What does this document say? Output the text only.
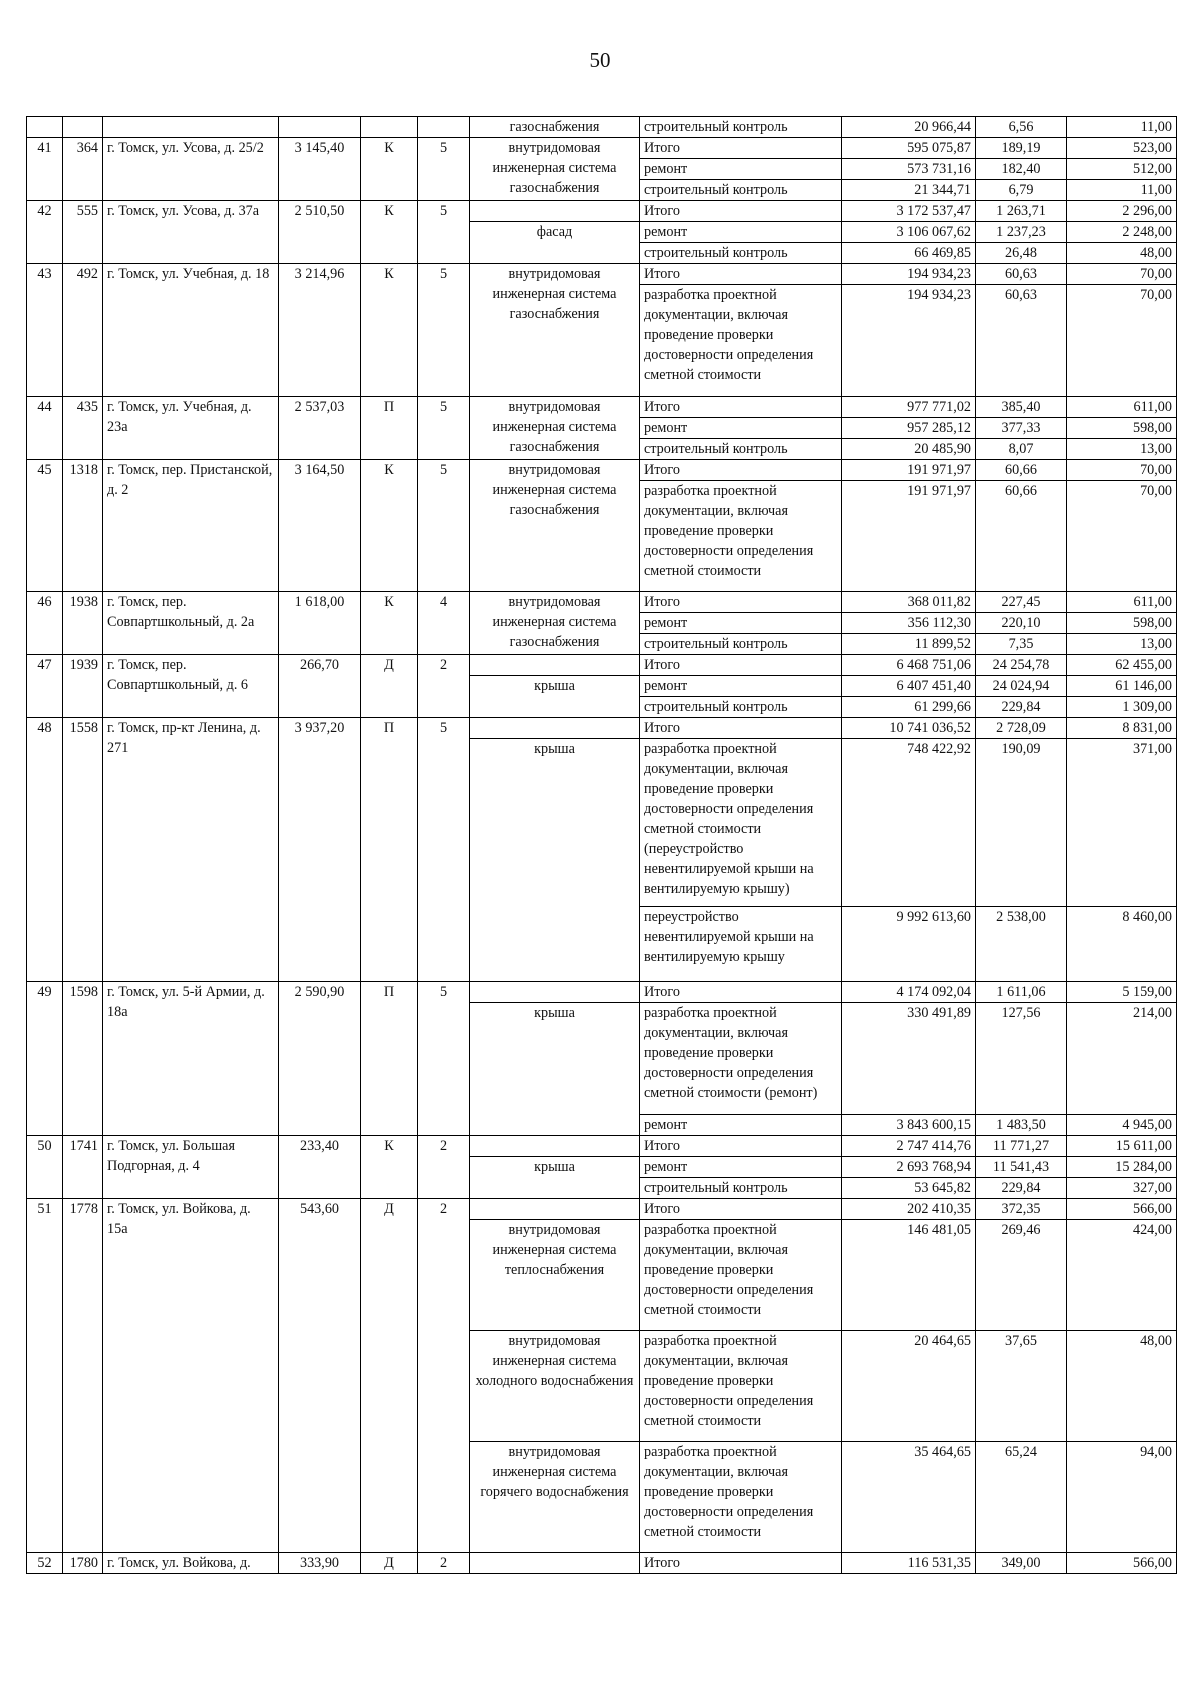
50
						газоснабжения	строительный контроль	20 966,44	6,56	11,00
41	364	г. Томск, ул. Усова, д. 25/2	3 145,40	К	5	внутридомовая инженерная система газоснабжения	Итого	595 075,87	189,19	523,00
							ремонт	573 731,16	182,40	512,00
							строительный контроль	21 344,71	6,79	11,00
42	555	г. Томск, ул. Усова, д. 37а	2 510,50	К	5		Итого	3 172 537,47	1 263,71	2 296,00
						фасад	ремонт	3 106 067,62	1 237,23	2 248,00
							строительный контроль	66 469,85	26,48	48,00
43	492	г. Томск, ул. Учебная, д. 18	3 214,96	К	5	внутридомовая инженерная система газоснабжения	Итого	194 934,23	60,63	70,00
							разработка проектной документации, включая проведение проверки достоверности определения сметной стоимости	194 934,23	60,63	70,00
44	435	г. Томск, ул. Учебная, д. 23а	2 537,03	П	5	внутридомовая инженерная система газоснабжения	Итого	977 771,02	385,40	611,00
							ремонт	957 285,12	377,33	598,00
							строительный контроль	20 485,90	8,07	13,00
45	1318	г. Томск, пер. Пристанской, д. 2	3 164,50	К	5	внутридомовая инженерная система газоснабжения	Итого	191 971,97	60,66	70,00
							разработка проектной документации, включая проведение проверки достоверности определения сметной стоимости	191 971,97	60,66	70,00
46	1938	г. Томск, пер. Совпартшкольный, д. 2а	1 618,00	К	4	внутридомовая инженерная система газоснабжения	Итого	368 011,82	227,45	611,00
							ремонт	356 112,30	220,10	598,00
							строительный контроль	11 899,52	7,35	13,00
47	1939	г. Томск, пер. Совпартшкольный, д. 6	266,70	Д	2		Итого	6 468 751,06	24 254,78	62 455,00
						крыша	ремонт	6 407 451,40	24 024,94	61 146,00
							строительный контроль	61 299,66	229,84	1 309,00
48	1558	г. Томск, пр-кт Ленина, д. 271	3 937,20	П	5		Итого	10 741 036,52	2 728,09	8 831,00
						крыша	разработка проектной документации, включая проведение проверки достоверности определения сметной стоимости (переустройство невентилируемой крыши на вентилируемую крышу)	748 422,92	190,09	371,00
							переустройство невентилируемой крыши на вентилируемую крышу	9 992 613,60	2 538,00	8 460,00
49	1598	г. Томск, ул. 5-й Армии, д. 18а	2 590,90	П	5		Итого	4 174 092,04	1 611,06	5 159,00
						крыша	разработка проектной документации, включая проведение проверки достоверности определения сметной стоимости (ремонт)	330 491,89	127,56	214,00
							ремонт	3 843 600,15	1 483,50	4 945,00
50	1741	г. Томск, ул. Большая Подгорная, д. 4	233,40	К	2		Итого	2 747 414,76	11 771,27	15 611,00
						крыша	ремонт	2 693 768,94	11 541,43	15 284,00
							строительный контроль	53 645,82	229,84	327,00
51	1778	г. Томск, ул. Войкова, д. 15а	543,60	Д	2		Итого	202 410,35	372,35	566,00
						внутридомовая инженерная система теплоснабжения	разработка проектной документации, включая проведение проверки достоверности определения сметной стоимости	146 481,05	269,46	424,00
						внутридомовая инженерная система холодного водоснабжения	разработка проектной документации, включая проведение проверки достоверности определения сметной стоимости	20 464,65	37,65	48,00
						внутридомовая инженерная система горячего водоснабжения	разработка проектной документации, включая проведение проверки достоверности определения сметной стоимости	35 464,65	65,24	94,00
52	1780	г. Томск, ул. Войкова, д.	333,90	Д	2		Итого	116 531,35	349,00	566,00
